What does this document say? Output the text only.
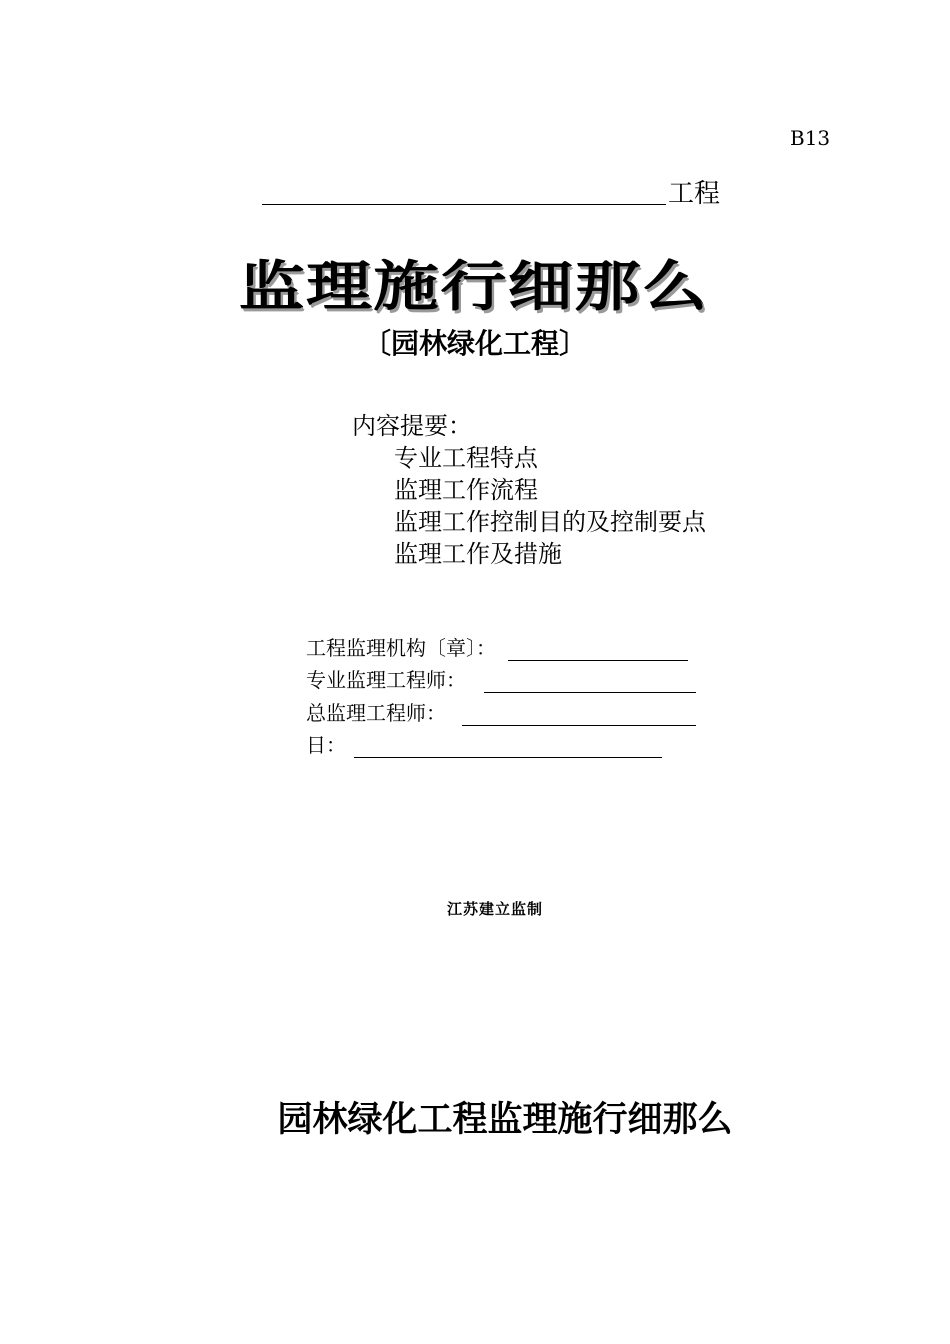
B13
工程
监理施行细那么
〔园林绿化工程〕
内容提要：
专业工程特点
监理工作流程
监理工作控制目的及控制要点
监理工作及措施
工程监理机构〔章〕：
专业监理工程师：
总监理工程师：
日：
江苏建立监制
园林绿化工程监理施行细那么
